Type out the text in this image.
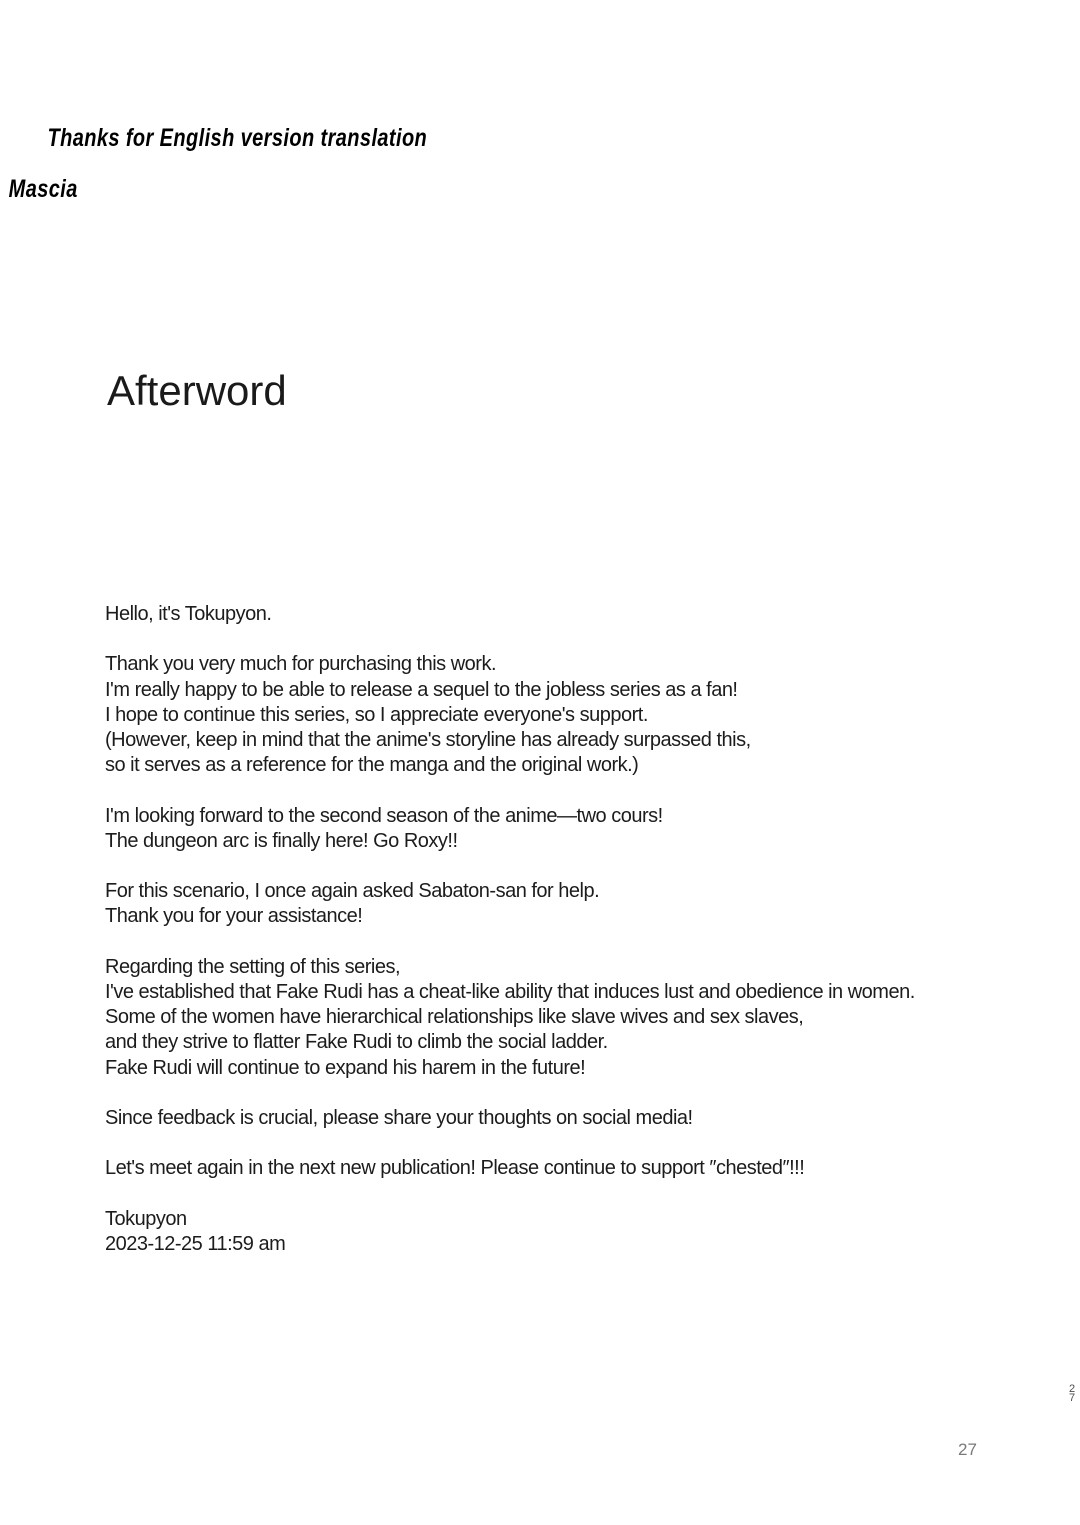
Thanks for English version translation
Mascia
Afterword
Hello, it's Tokupyon.
Thank you very much for purchasing this work.
I'm really happy to be able to release a sequel to the jobless series as a fan!
I hope to continue this series, so I appreciate everyone's support.
(However, keep in mind that the anime's storyline has already surpassed this,
so it serves as a reference for the manga and the original work.)
I'm looking forward to the second season of the anime—two cours!
The dungeon arc is finally here! Go Roxy!!
For this scenario, I once again asked Sabaton-san for help.
Thank you for your assistance!
Regarding the setting of this series,
I've established that Fake Rudi has a cheat-like ability that induces lust and obedience in women.
Some of the women have hierarchical relationships like slave wives and sex slaves,
and they strive to flatter Fake Rudi to climb the social ladder.
Fake Rudi will continue to expand his harem in the future!
Since feedback is crucial, please share your thoughts on social media!
Let's meet again in the next new publication! Please continue to support ″chested″!!!
Tokupyon
2023-12-25 11:59 am
2
7
27
